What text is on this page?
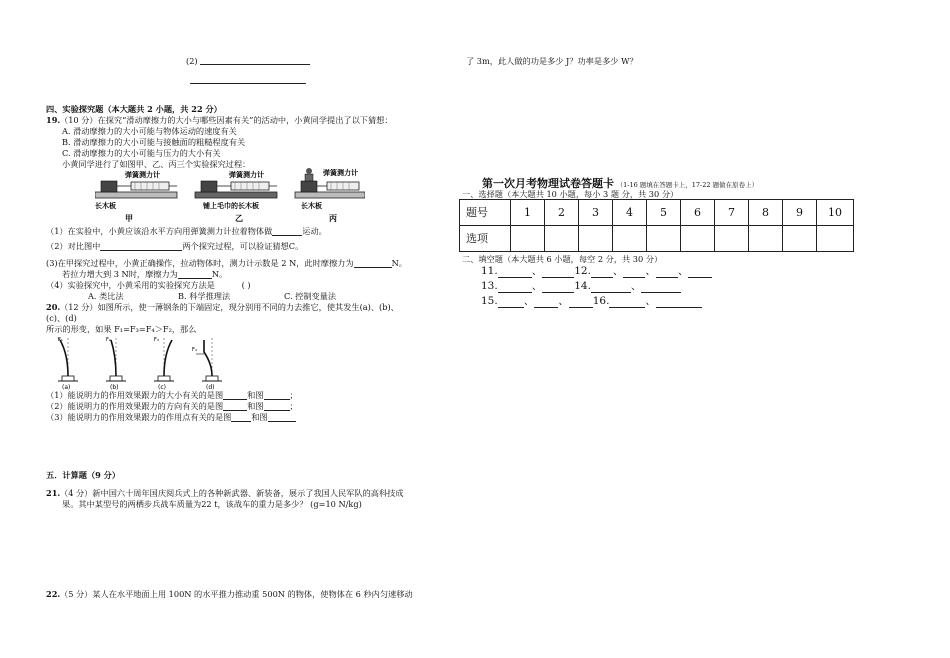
(2)
四、实验探究题（本大题共 2 小题，共 22 分）
19. （10 分）在探究“滑动摩擦力的大小与哪些因素有关”的活动中，小黄同学提出了以下猜想：
A. 滑动摩擦力的大小可能与物体运动的速度有关
B. 滑动摩擦力的大小可能与接触面的粗糙程度有关
C. 滑动摩擦力的大小可能与压力的大小有关
小黄同学进行了如图甲、乙、丙三个实验探究过程：
弹簧测力计
长木板
弹簧测力计
铺上毛巾的长木板
弹簧测力计
长木板
甲	乙	丙
（1）在实验中，小黄应该沿水平方向用弹簧测力计拉着物体做	运动。
（2）对比图中	两个探究过程，可以验证猜想C。
(3)在甲探究过程中，小黄正确操作，拉动物体时，测力计示数是 2 N，此时摩擦力为	N。
若拉力增大到 3 N时，摩擦力为	N。
（4）实验探究中，小黄采用的实验探究方法是	( )
A. 类比法	B. 科学推理法	C. 控制变量法
20. （12 分）如图所示，使一薄钢条的下端固定，现分别用不同的力去推它，使其发生(a)、(b)、
(c)、(d)
所示的形变，如果 F₁=F₃=F₄＞F₂，那么
F₁
(a)
F₂
(b)
F₃
(c)
F₄
(d)
（1）能说明力的作用效果跟力的大小有关的是图	和图	；
（2）能说明力的作用效果跟力的方向有关的是图	和图	；
（3）能说明力的作用效果跟力的作用点有关的是图 和图
五．计算题（9 分）
21. （4 分）新中国六十周年国庆阅兵式上的各种新武器、新装备，展示了我国人民军队的高科技成
果。其中某型号的两栖步兵战车质量为22 t，该战车的重力是多少？ (g=10 N/kg)
22. （5 分）某人在水平地面上用 100N 的水平推力推动重 500N 的物体，使物体在 6 秒内匀速移动
了 3m，此人做的功是多少 J？功率是多少 W？
第一次月考物理试卷答题卡 （1-16 题填在答题卡上，17-22 题做在原卷上）
一、选择题（本大题共 10 小题，每小 3 题 分，共 30 分）
题号	1	2	3	4	5	6	7	8	9	10
选项										
二、填空题（本大题共 6 小题，每空 2 分，共 30 分）
11.	、	12. 、 、 、
13.	、	14.	、
15. 、 、 16.	、
